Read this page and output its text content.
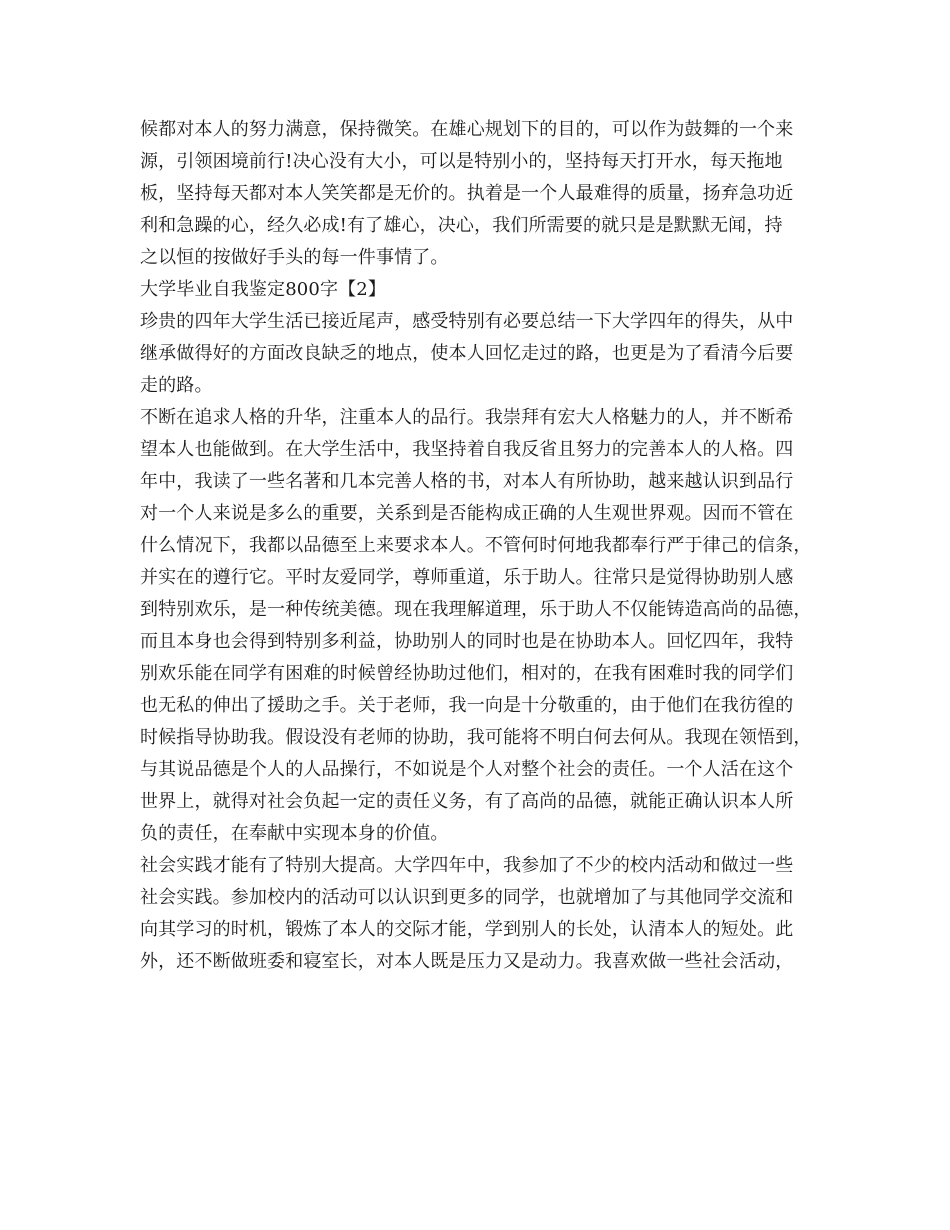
候都对本人的努力满意，保持微笑。在雄心规划下的目的，可以作为鼓舞的一个来
源，引领困境前行!决心没有大小，可以是特别小的，坚持每天打开水，每天拖地
板，坚持每天都对本人笑笑都是无价的。执着是一个人最难得的质量，扬弃急功近
利和急躁的心，经久必成!有了雄心，决心，我们所需要的就只是是默默无闻，持
之以恒的按做好手头的每一件事情了。
大学毕业自我鉴定800字【2】
珍贵的四年大学生活已接近尾声，感受特别有必要总结一下大学四年的得失，从中
继承做得好的方面改良缺乏的地点，使本人回忆走过的路，也更是为了看清今后要
走的路。
不断在追求人格的升华，注重本人的品行。我崇拜有宏大人格魅力的人，并不断希
望本人也能做到。在大学生活中，我坚持着自我反省且努力的完善本人的人格。四
年中，我读了一些名著和几本完善人格的书，对本人有所协助，越来越认识到品行
对一个人来说是多么的重要，关系到是否能构成正确的人生观世界观。因而不管在
什么情况下，我都以品德至上来要求本人。不管何时何地我都奉行严于律己的信条，
并实在的遵行它。平时友爱同学，尊师重道，乐于助人。往常只是觉得协助别人感
到特别欢乐，是一种传统美德。现在我理解道理，乐于助人不仅能铸造高尚的品德，
而且本身也会得到特别多利益，协助别人的同时也是在协助本人。回忆四年，我特
别欢乐能在同学有困难的时候曾经协助过他们，相对的，在我有困难时我的同学们
也无私的伸出了援助之手。关于老师，我一向是十分敬重的，由于他们在我彷徨的
时候指导协助我。假设没有老师的协助，我可能将不明白何去何从。我现在领悟到，
与其说品德是个人的人品操行，不如说是个人对整个社会的责任。一个人活在这个
世界上，就得对社会负起一定的责任义务，有了高尚的品德，就能正确认识本人所
负的责任，在奉献中实现本身的价值。
社会实践才能有了特别大提高。大学四年中，我参加了不少的校内活动和做过一些
社会实践。参加校内的活动可以认识到更多的同学，也就增加了与其他同学交流和
向其学习的时机，锻炼了本人的交际才能，学到别人的长处，认清本人的短处。此
外，还不断做班委和寝室长，对本人既是压力又是动力。我喜欢做一些社会活动，
